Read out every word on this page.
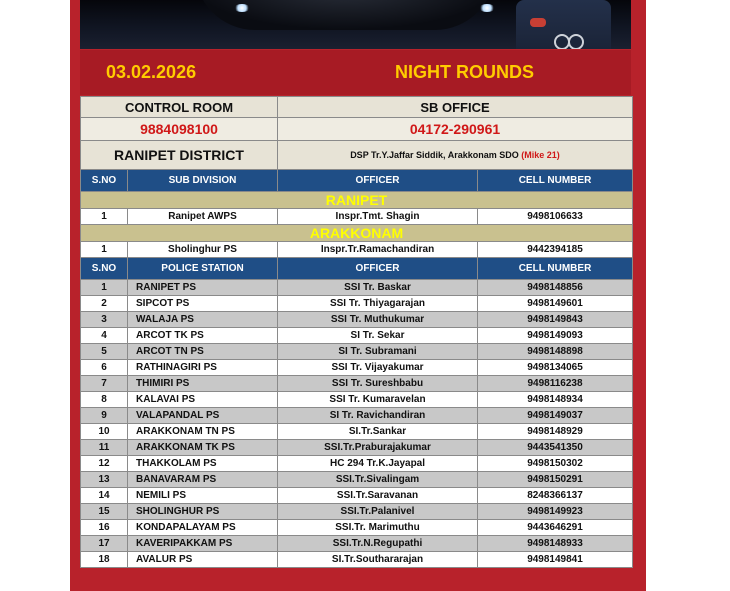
03.02.2026	NIGHT ROUNDS
CONTROL ROOM		SB OFFICE	
9884098100		04172-290961	
RANIPET DISTRICT		DSP Tr.Y.Jaffar Siddik, Arakkonam SDO (Mike 21)	
S.NO	SUB DIVISION	OFFICER	CELL NUMBER
RANIPET			
1	Ranipet AWPS	Inspr.Tmt. Shagin	9498106633
ARAKKONAM			
1	Sholinghur PS	Inspr.Tr.Ramachandiran	9442394185
S.NO	POLICE STATION	OFFICER	CELL NUMBER
1	RANIPET PS	SSI Tr. Baskar	9498148856
2	SIPCOT PS	SSI Tr. Thiyagarajan	9498149601
3	WALAJA PS	SSI Tr. Muthukumar	9498149843
4	ARCOT TK PS	SI Tr. Sekar	9498149093
5	ARCOT TN PS	SI Tr. Subramani	9498148898
6	RATHINAGIRI PS	SSI Tr. Vijayakumar	9498134065
7	THIMIRI PS	SSI Tr. Sureshbabu	9498116238
8	KALAVAI PS	SSI Tr. Kumaravelan	9498148934
9	VALAPANDAL PS	SI Tr. Ravichandiran	9498149037
10	ARAKKONAM TN PS	SI.Tr.Sankar	9498148929
11	ARAKKONAM TK PS	SSI.Tr.Praburajakumar	9443541350
12	THAKKOLAM PS	HC 294 Tr.K.Jayapal	9498150302
13	BANAVARAM PS	SSI.Tr.Sivalingam	9498150291
14	NEMILI PS	SSI.Tr.Saravanan	8248366137
15	SHOLINGHUR PS	SSI.Tr.Palanivel	9498149923
16	KONDAPALAYAM PS	SSI.Tr. Marimuthu	9443646291
17	KAVERIPAKKAM PS	SSI.Tr.N.Regupathi	9498148933
18	AVALUR PS	SI.Tr.Southararajan	9498149841
